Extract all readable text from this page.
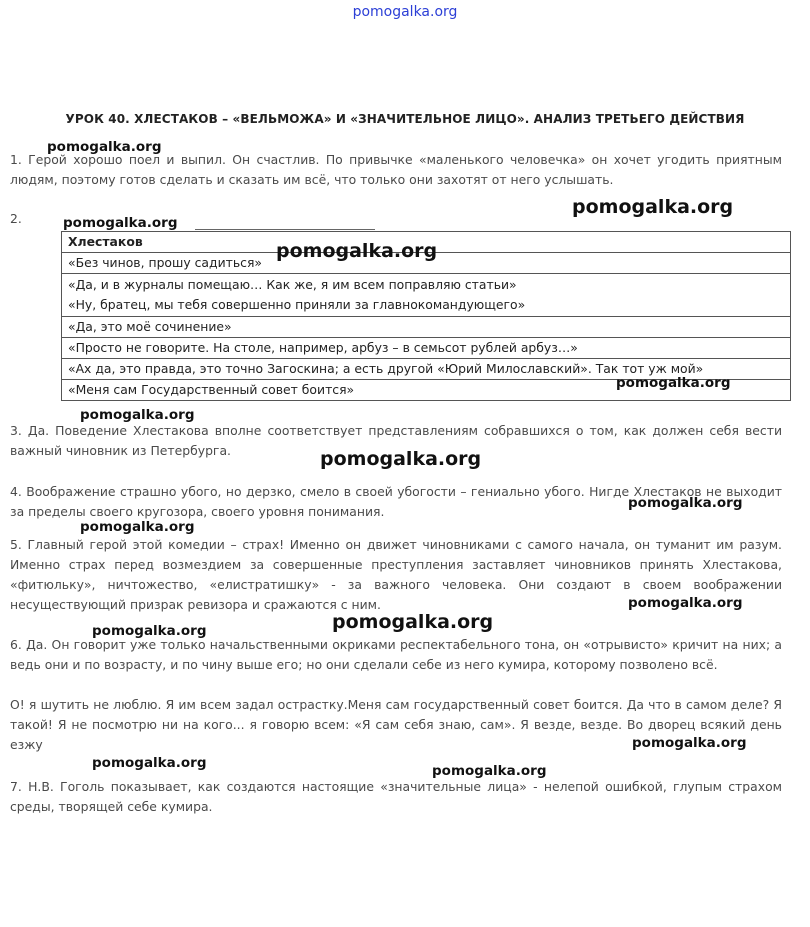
pomogalka.org
УРОК 40. ХЛЕСТАКОВ – «ВЕЛЬМОЖА» И «ЗНАЧИТЕЛЬНОЕ ЛИЦО». АНАЛИЗ ТРЕТЬЕГО ДЕЙСТВИЯ
1. Герой хорошо поел и выпил. Он счастлив. По привычке «маленького человечка» он хочет угодить приятным людям, поэтому готов сделать и сказать им всё, что только они захотят от него услышать.
2.
Хлестаков
«Без чинов, прошу садиться»

«Да, и в журналы помещаю… Как же, я им всем поправляю статьи»
«Ну, братец, мы тебя совершенно приняли за главнокомандующего»

«Да, это моё сочинение»
«Просто не говорите. На столе, например, арбуз – в семьсот рублей арбуз…»
«Ах да, это правда, это точно Загоскина; а есть другой «Юрий Милославский». Так тот уж мой»
«Меня сам Государственный совет боится»
3. Да. Поведение Хлестакова вполне соответствует представлениям собравшихся о том, как должен себя вести важный чиновник из Петербурга.
4. Воображение страшно убого, но дерзко, смело в своей убогости – гениально убого. Нигде Хлестаков не выходит за пределы своего кругозора, своего уровня понимания.
5. Главный герой этой комедии – страх! Именно он движет чиновниками с самого начала, он туманит им разум. Именно страх перед возмездием за совершенные преступления заставляет чиновников принять Хлестакова, «фитюльку», ничтожество, «елистратишку» - за важного человека. Они создают в своем воображении несуществующий призрак ревизора и сражаются с ним.
6. Да. Он говорит уже только начальственными окриками респектабельного тона, он «отрывисто» кричит на них; а ведь они и по возрасту, и по чину выше его; но они сделали себе из него кумира, которому позволено всё.
О! я шутить не люблю. Я им всем задал острастку.Меня сам государственный совет боится. Да что в самом деле? Я такой! Я не посмотрю ни на кого... я говорю всем: «Я сам себя знаю, сам». Я везде, везде. Во дворец всякий день езжу
7. Н.В. Гоголь показывает, как создаются настоящие «значительные лица» - нелепой ошибкой, глупым страхом среды, творящей себе кумира.
pomogalka.org
pomogalka.org
pomogalka.org
pomogalka.org
pomogalka.org
pomogalka.org
pomogalka.org
pomogalka.org
pomogalka.org
pomogalka.org
pomogalka.org
pomogalka.org
pomogalka.org
pomogalka.org	pomogalka.org
